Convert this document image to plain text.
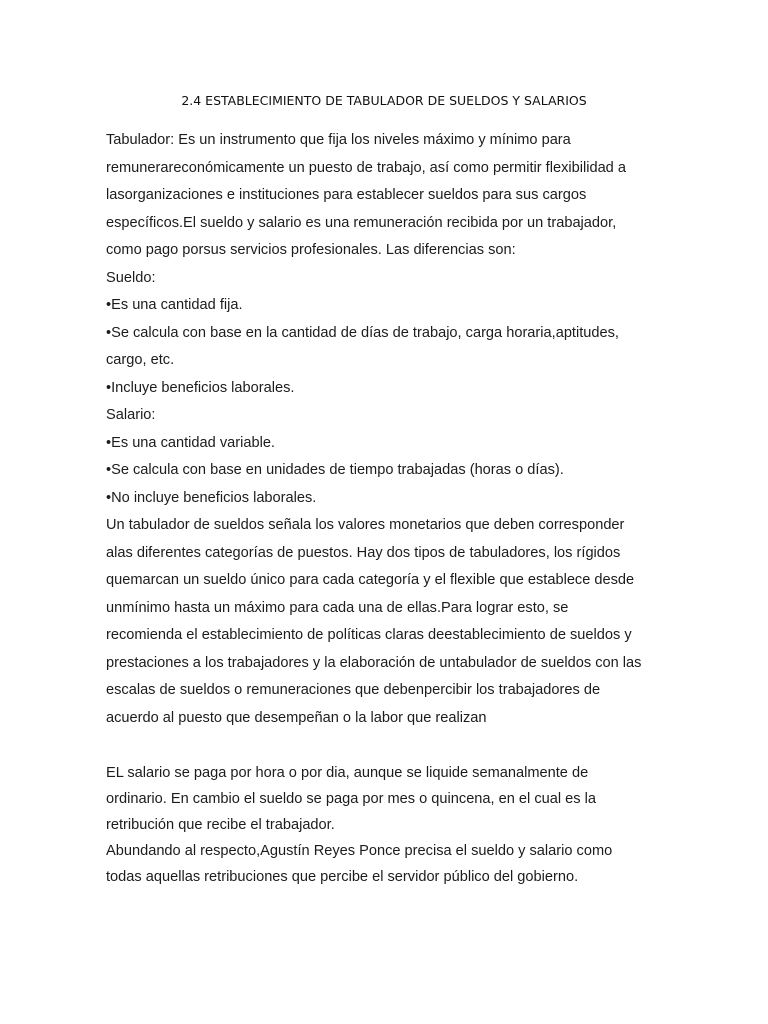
2.4 ESTABLECIMIENTO DE TABULADOR DE SUELDOS Y SALARIOS
Tabulador: Es un instrumento que fija los niveles máximo y mínimo para
remunerareconómicamente un puesto de trabajo, así como permitir flexibilidad a
lasorganizaciones e instituciones para establecer sueldos para sus cargos
específicos.El sueldo y salario es una remuneración recibida por un trabajador,
como pago porsus servicios profesionales. Las diferencias son:
Sueldo:
•Es una cantidad fija.
•Se calcula con base en la cantidad de días de trabajo, carga horaria,aptitudes,
cargo, etc.
•Incluye beneficios laborales.
Salario:
•Es una cantidad variable.
•Se calcula con base en unidades de tiempo trabajadas (horas o días).
•No incluye beneficios laborales.
Un tabulador de sueldos señala los valores monetarios que deben corresponder
alas diferentes categorías de puestos. Hay dos tipos de tabuladores, los rígidos
quemarcan un sueldo único para cada categoría y el flexible que establece desde
unmínimo hasta un máximo para cada una de ellas.Para lograr esto, se
recomienda el establecimiento de políticas claras deestablecimiento de sueldos y
prestaciones a los trabajadores y la elaboración de untabulador de sueldos con las
escalas de sueldos o remuneraciones que debenpercibir los trabajadores de
acuerdo al puesto que desempeñan o la labor que realizan
EL salario se paga por hora o por dia, aunque se liquide semanalmente de
ordinario. En cambio el sueldo se paga por mes o quincena, en el cual es la
retribución que recibe el trabajador.
Abundando al respecto,Agustín Reyes Ponce precisa el sueldo y salario como
todas aquellas retribuciones que percibe el servidor público del gobierno.
